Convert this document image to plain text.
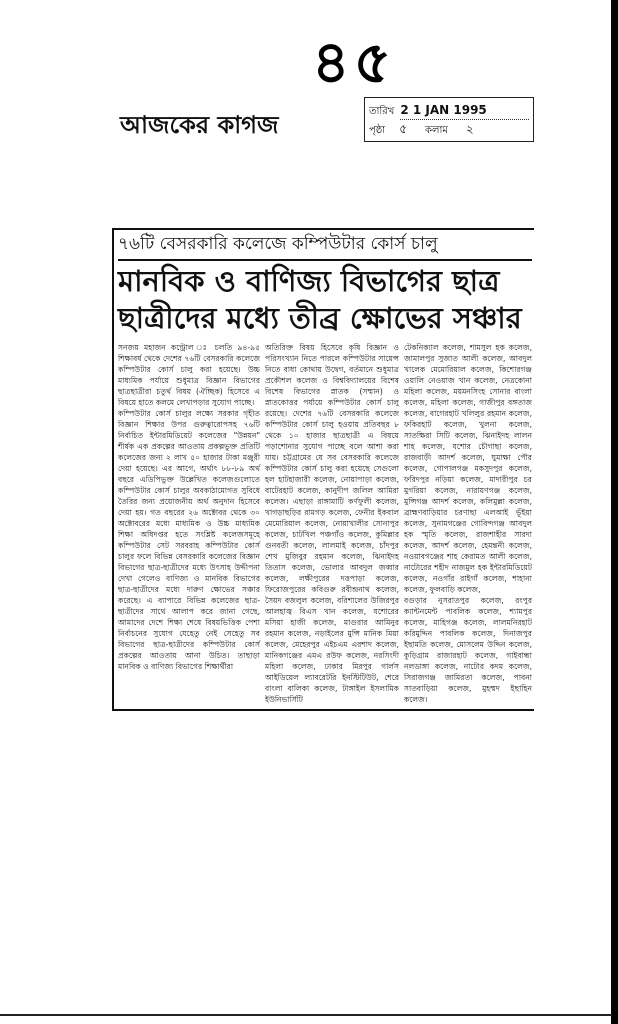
৪৫
আজকের কাগজ	তারিখ 2 1 JAN 1995
পৃষ্ঠা ৫ কলাম ২
৭৬টি বেসরকারি কলেজে কম্পিউটার কোর্স চালু
মানবিক ও বাণিজ্য বিভাগের ছাত্র
ছাত্রীদের মধ্যে তীব্র ক্ষোভের সঞ্চার

সনজয় মহাজন কন্ট্রোল ঃ চলতি ৯৪-৯৫ শিক্ষাবর্ষ থেকে দেশের ৭৬টি বেসরকারি কলেজে কম্পিউটার কোর্স চালু করা হয়েছে। উচ্চ মাধ্যমিক পর্যায়ে শুধুমাত্র বিজ্ঞান বিভাগের ছাত্রছাত্রীরা চতুর্থ বিষয় (ঐচ্ছিক) হিসেবে এ বিষয়ে হাতে কলমে লেখাপড়ার সুযোগ পাচ্ছে।

কম্পিউটার কোর্স চালুর লক্ষ্যে সরকার গৃহীত বিজ্ঞান শিক্ষার উপর গুরুত্বারোপসহ ৭৬টি নির্বাচিত ইন্টারমিডিয়েট কলেজের "উন্নয়ন" শীর্ষক এক প্রকল্পের আওতায় প্রকল্পভুক্ত প্রতিটি কলেজের জন্য ২ লাখ ৫০ হাজার টাকা মঞ্জুরী দেয়া হয়েছে। এর আগে, অর্থাৎ ৮৮-৮৯ অর্থ বছরে এডিপিভুক্ত উল্লেখিত কলেজগুলোতে কম্পিউটার কোর্স চালুর অবকাঠামোগত সুবিধে তৈরির জন্য প্রয়োজনীয় অর্থ অনুদান হিসেবে দেয়া হয়। গত বছরের ২৬ অক্টোবর থেকে ৩০ অক্টোবরের মধ্যে মাধ্যমিক ও উচ্চ মাধ্যমিক শিক্ষা অধিদপ্তর হতে সংশ্লিষ্ট কলেজসমূহে কম্পিউটার সেট সরবরাহ কম্পিউটার কোর্স চালুর ফলে বিভিন্ন বেসরকারি কলেজের বিজ্ঞান বিভাগের ছাত্র-ছাত্রীদের মধ্যে উৎসাহ উদ্দীপনা দেখা গেলেও বাণিজ্য ও মানবিক বিভাগের ছাত্র-ছাত্রীদের মধ্যে দারুণ ক্ষোভের সঞ্চার করেছে। এ ব্যাপারে বিভিন্ন কলেজের ছাত্র-ছাত্রীদের সাথে আলাপ করে জানা গেছে, আমাদের দেশে শিক্ষা শেষে বিষয়ভিত্তিক পেশা নির্বাচনের সুযোগ যেহেতু নেই সেহেতু সব বিভাগের ছাত্র-ছাত্রীদের কম্পিউটার কোর্স প্রকল্পের আওতায় আনা উচিত। তাছাড়া মানবিক ও বাণিজ্য বিভাগের শিক্ষার্থীরা

অতিরিক্ত বিষয় হিসেবে কৃষি বিজ্ঞান ও পরিসংখ্যান নিতে পারলে কম্পিউটার সায়েন্স নিতে বাধা কোথায় উদ্বেগ, বর্তমানে শুধুমাত্র প্রকৌশল কলেজ ও বিশ্ববিদ্যালয়ের বিশেষ বিশেষ বিভাগের স্নাতক (সম্মান) ও স্নাতকোত্তর পর্যায়ে কম্পিউটার কোর্স চালু রয়েছে। দেশের ৭৬টি বেসরকারি কলেজে কম্পিউটার কোর্স চালু হওয়ায় প্রতিবছর ৮ থেকে ১০ হাজার ছাত্রছাত্রী এ বিষয়ে পড়াশোনার সুযোগ পাচ্ছে বলে আশা করা যায়। চট্টগ্রামের যে সব বেসরকারি কলেজে কম্পিউটার কোর্স চালু করা হয়েছে সেগুলো হল হাটহাজারী কলেজ, নোয়াপাড়া কলেজ, বাটেরহাট কলেজ, কানুদীপ জলিল আমিরা কলেজ। এছাড়া রাঙ্গামাটি কর্ণফুলী কলেজ, খাগড়াছড়ির রামগড় কলেজ, ফেনীর ইকবাল মেমোরিয়াল কলেজ, নোয়াখালীর সোনাপুর কলেজ, চাটখিল পঞ্চগাঁও কলেজ, কুমিল্লার গুনবতী কলেজ, লালমাই কলেজ, চাঁদপুর শেখ মুজিবুর রহমান কলেজ, ঝিনাইদহ তিতাস কলেজ, ভোলার আবদুল জব্বার কলেজ, লক্ষীপুরের দত্তপাড়া কলেজ, ফিরোজপুরের কবিগুরু রবীন্দ্রনাথ কলেজ, সৈয়দ বজলুল কলেজ, বরিশালের উজিরপুর আলহাজ্ব বিএস খান কলেজ, যশোরের মসিয়া হাজী কলেজ, মাগুরার আমিনুর রহমান কলেজ, নড়াইলের মুন্সি মানিক মিয়া কলেজ, মেহেরপুর এইচএম এরশাদ কলেজ, মানিকগঞ্জের এমএ রউফ কলেজ, নরসিংদী মহিলা কলেজ, ঢাকার মিরপুর গার্লস আইডিয়েল ল্যাবরেটরি ইনস্টিটিউট, শেরে বাংলা বালিকা কলেজ, টাঙ্গাইল ইসলামিক ইউনিভার্সিটি

টেকনিক্যাল কলেজ, শামসুল হক কলেজ, জামালপুর সুজাত আলী কলেজ, আবদুল খালেক মেমোরিয়াল কলেজ, কিশোরগঞ্জ ওয়ালি নেওয়াজ খান কলেজ, নেত্রকোনা মহিলা কলেজ, ময়মনসিংহ সোনার বাংলা কলেজ, মহিলা কলেজ, গাজীপুর বঙ্গতাজ কলেজ, বাগেরহাট খলিলুর রহমান কলেজ, ফকিরহাট কলেজ, খুলনা কলেজ, সাতক্ষিরা সিটি কলেজ, ঝিনাইদহ লালন শাহ কলেজ, যশোর চৌগাছা কলেজ, রাজবাড়ী আদর্শ কলেজ, ঘুমাক্ষা পৌর কলেজ, গোপালগঞ্জ মকসুদপুর কলেজ, ফরিদপুর নড়িয়া কলেজ, মাদারীপুর চর মুগরিয়া কলেজ, নারায়ণগঞ্জ কলেজ, মুন্সিগঞ্জ আদর্শ কলেজ, কলিমুল্লা কলেজ, ব্রাহ্মণবাড়িয়ার চরণাছা এলআই ভূঁইয়া কলেজ, সুনামগঞ্জের গোবিন্দগঞ্জ আবদুল হক স্মৃতি কলেজ, রাজশাহীর সারদা কলেজ, আদর্শ কলেজ, হেমন্তনী কলেজ, নওয়াবগঞ্জের শাহ কেরামত আলী কলেজ, নাটোরের শহীদ নাজমুল হক ইন্টারমিডিয়েট কলেজ, নওগাঁর রাইগাঁ কলেজ, শাহানা কলেজ, ফুলবাড়ি কলেজ,

বগুড়ার নুসরাতপুর কলেজ, রংপুর ক্যান্টনমেন্ট পাবলিক কলেজ, শ্যামপুর কলেজ, মাহিগঞ্জ কলেজ, লালমনিরহাট করিমুদ্দিন পাবলিক কলেজ, দিনাজপুর ইছামতি কলেজ, মোসলেম উদ্দিন কলেজ, কুড়িগ্রাম রাজারহাট কলেজ, গাইবান্ধা নলডাঙ্গা কলেজ, নাটোর কদম কলেজ, সিরাজগঞ্জ জামিরতা কলেজ, পাবনা সাতবাড়িয়া কলেজ, মুহম্মদ ইছাহিন কলেজ।
